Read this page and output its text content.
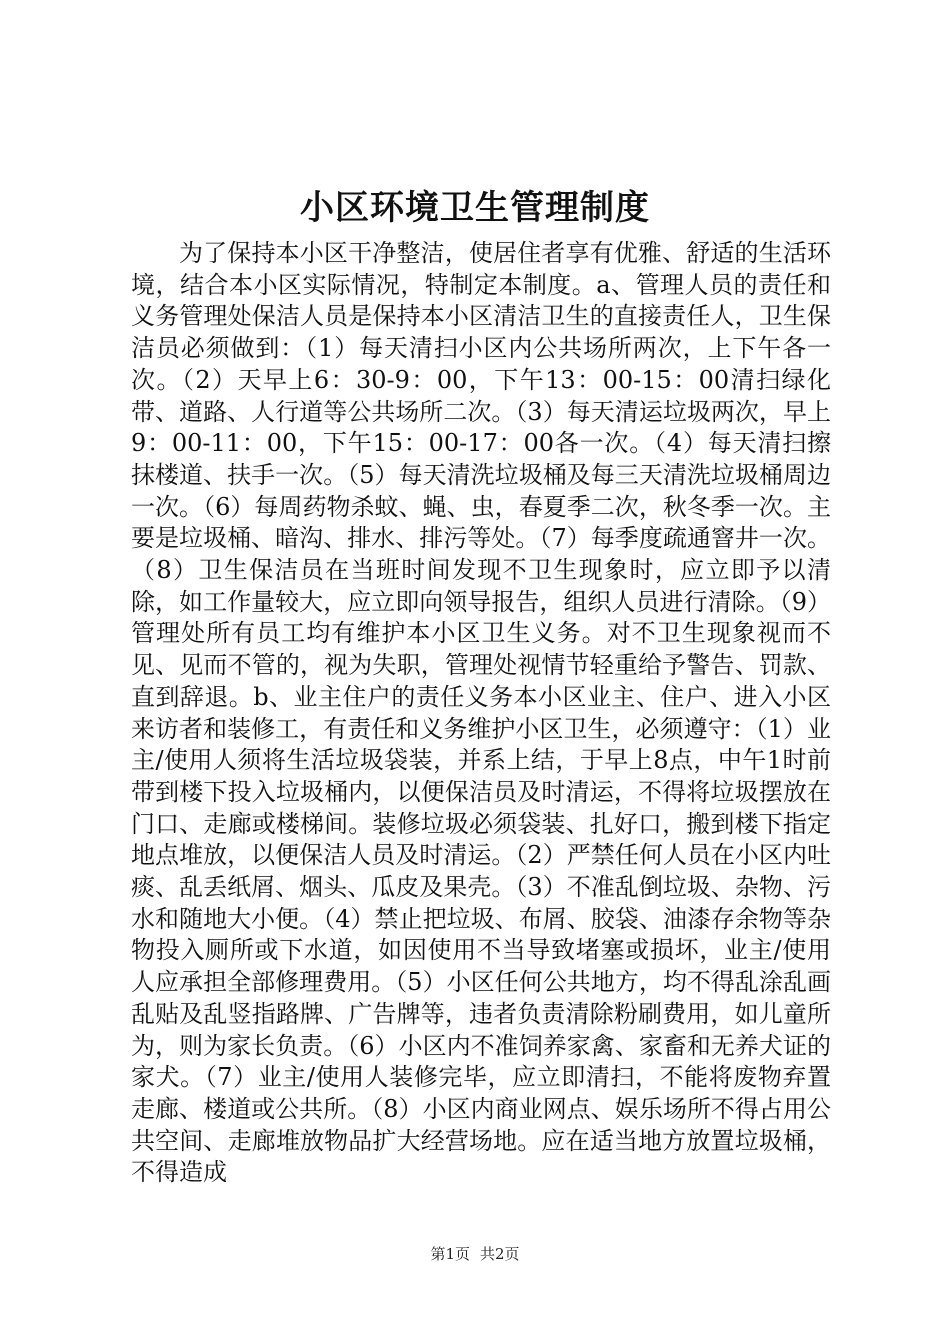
小区环境卫生管理制度

为了保持本小区干净整洁，使居住者享有优雅、舒适的生活环境，结合本小区实际情况，特制定本制度。a、管理人员的责任和义务管理处保洁人员是保持本小区清洁卫生的直接责任人，卫生保洁员必须做到：（1）每天清扫小区内公共场所两次，上下午各一次。（2）天早上6：30-9：00，下午13：00-15：00清扫绿化带、道路、人行道等公共场所二次。（3）每天清运垃圾两次，早上9：00-11：00，下午15：00-17：00各一次。（4）每天清扫擦抹楼道、扶手一次。（5）每天清洗垃圾桶及每三天清洗垃圾桶周边一次。（6）每周药物杀蚊、蝇、虫，春夏季二次，秋冬季一次。主要是垃圾桶、暗沟、排水、排污等处。（7）每季度疏通窨井一次。（8）卫生保洁员在当班时间发现不卫生现象时，应立即予以清除，如工作量较大，应立即向领导报告，组织人员进行清除。（9）管理处所有员工均有维护本小区卫生义务。对不卫生现象视而不见、见而不管的，视为失职，管理处视情节轻重给予警告、罚款、直到辞退。b、业主住户的责任义务本小区业主、住户、进入小区来访者和装修工，有责任和义务维护小区卫生，必须遵守：（1）业主/使用人须将生活垃圾袋装，并系上结，于早上8点，中午1时前带到楼下投入垃圾桶内，以便保洁员及时清运，不得将垃圾摆放在门口、走廊或楼梯间。装修垃圾必须袋装、扎好口，搬到楼下指定地点堆放，以便保洁人员及时清运。（2）严禁任何人员在小区内吐痰、乱丢纸屑、烟头、瓜皮及果壳。（3）不准乱倒垃圾、杂物、污水和随地大小便。（4）禁止把垃圾、布屑、胶袋、油漆存余物等杂物投入厕所或下水道，如因使用不当导致堵塞或损坏，业主/使用人应承担全部修理费用。（5）小区任何公共地方，均不得乱涂乱画乱贴及乱竖指路牌、广告牌等，违者负责清除粉刷费用，如儿童所为，则为家长负责。（6）小区内不准饲养家禽、家畜和无养犬证的家犬。（7）业主/使用人装修完毕，应立即清扫，不能将废物弃置走廊、楼道或公共所。（8）小区内商业网点、娱乐场所不得占用公共空间、走廊堆放物品扩大经营场地。应在适当地方放置垃圾桶，不得造成

第1页 共2页
